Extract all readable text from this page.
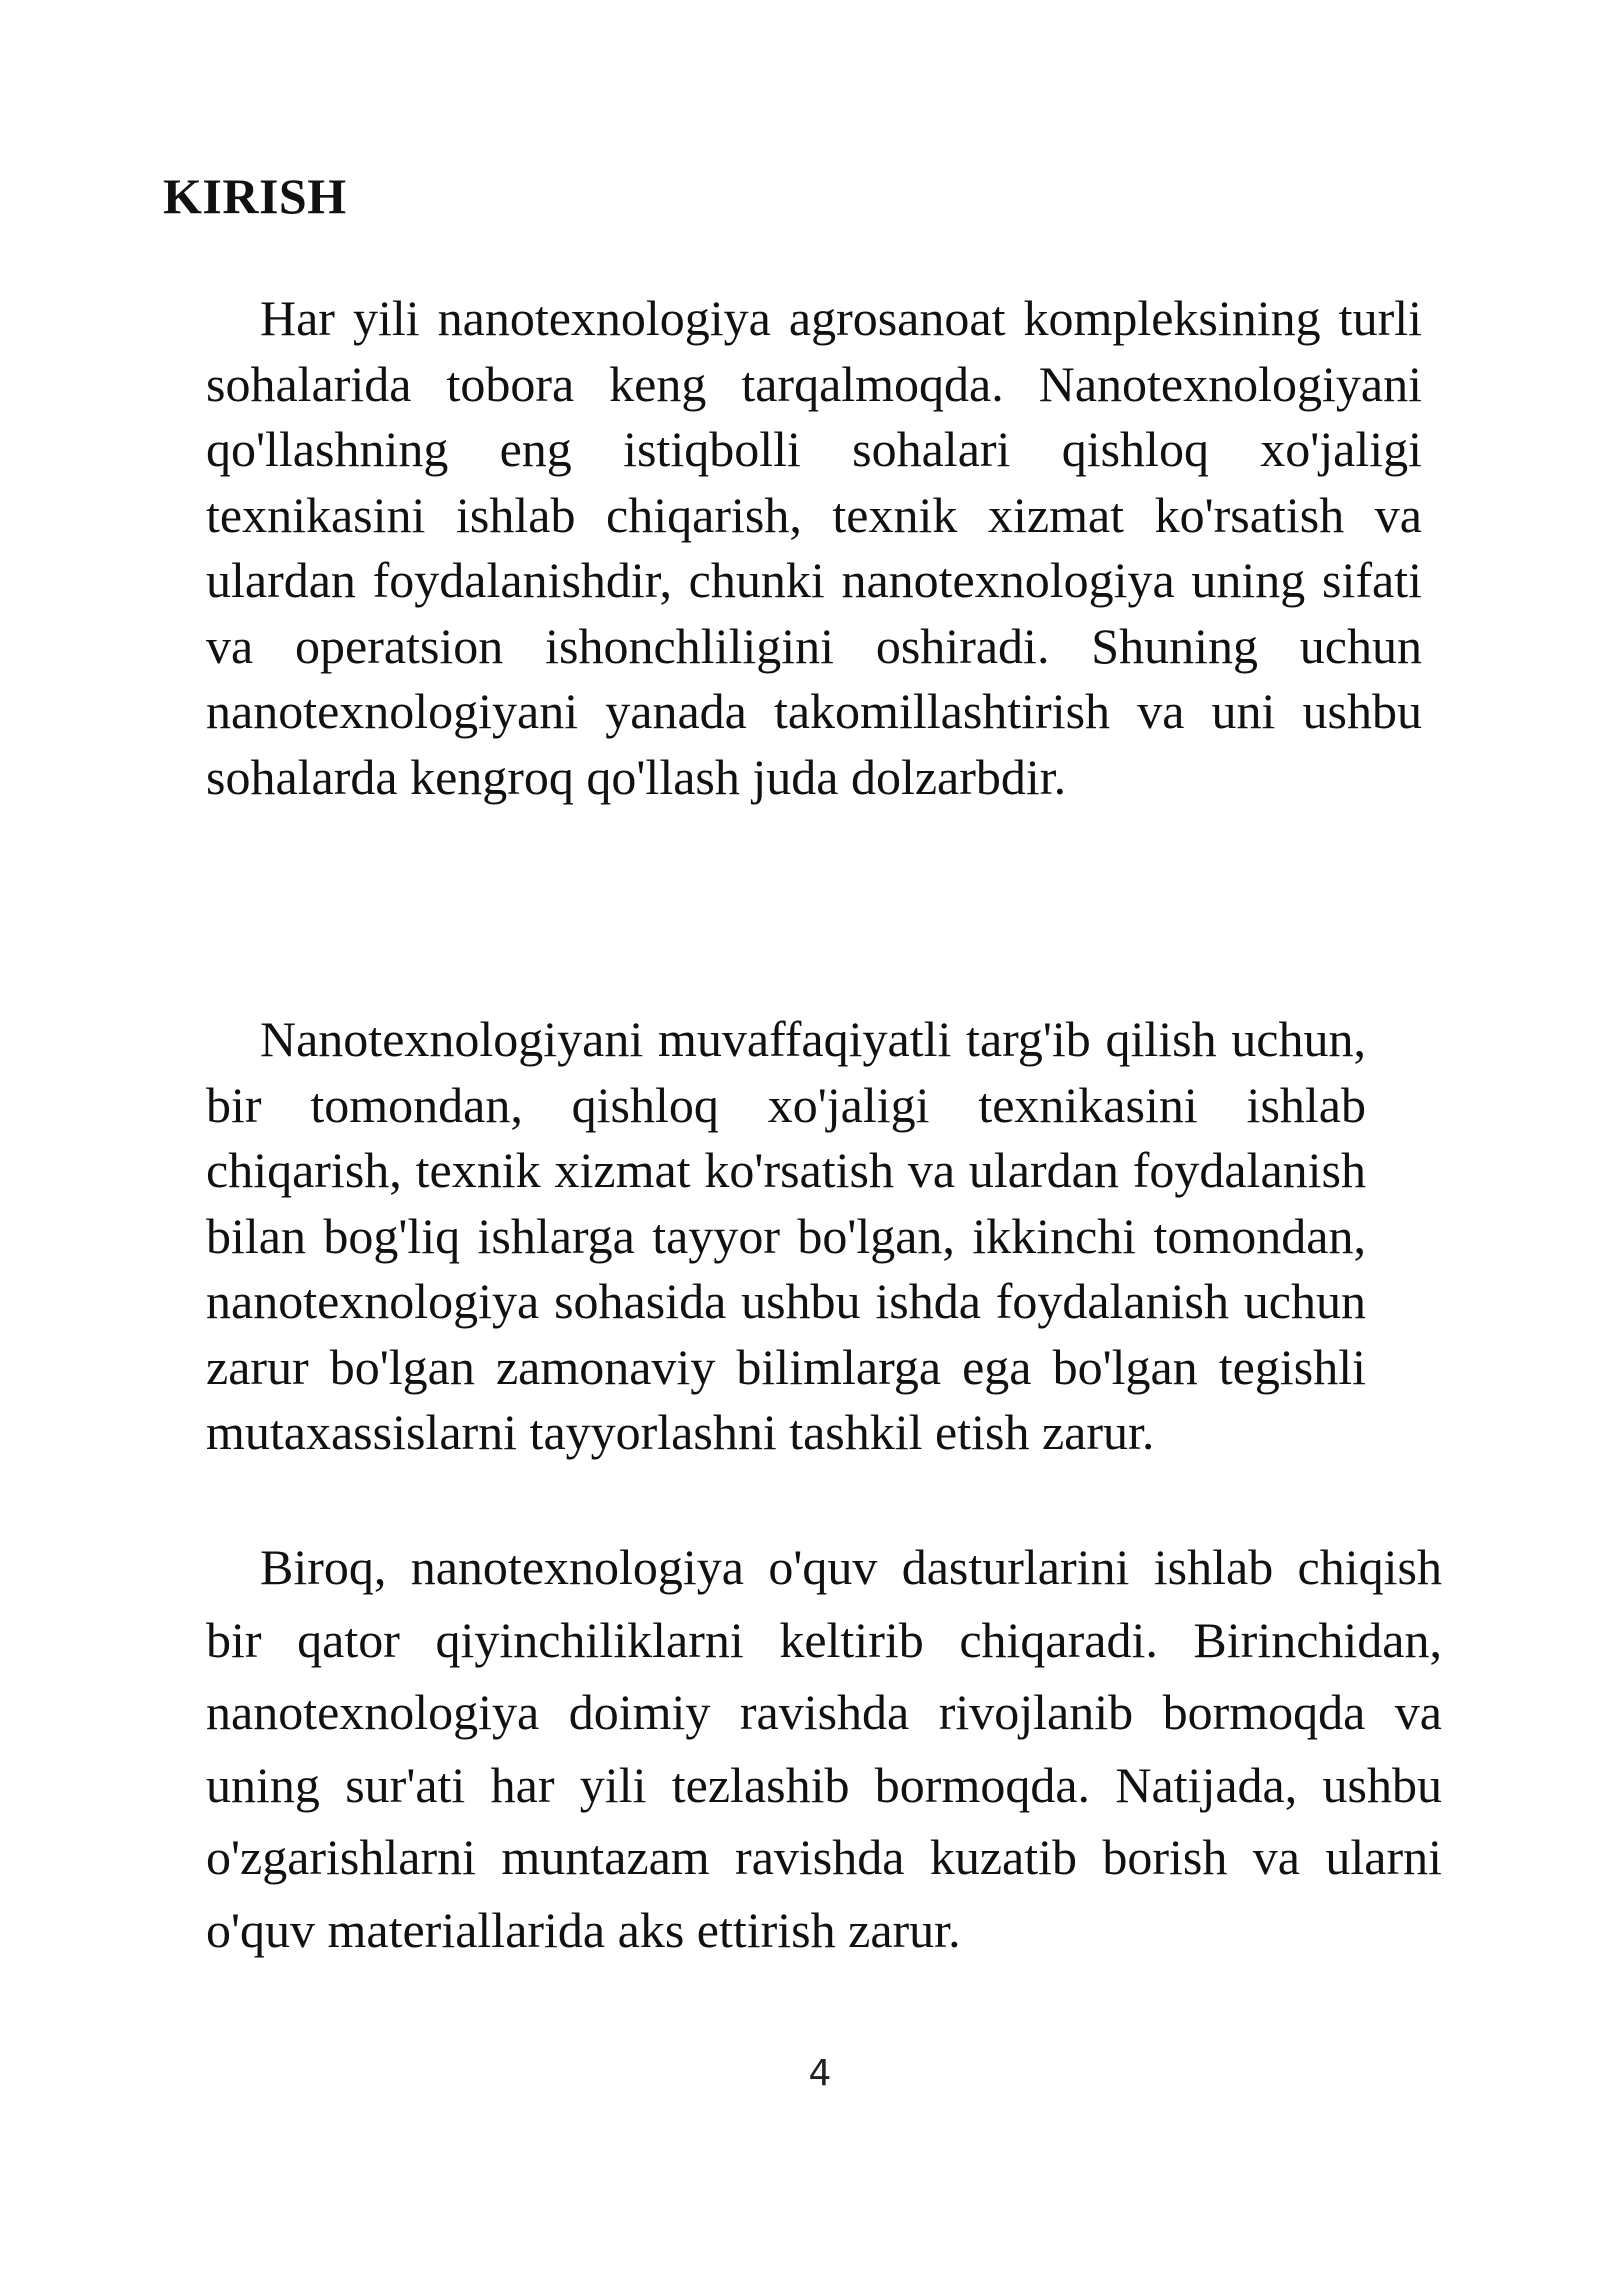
KIRISH

Har yili nanotexnologiya agrosanoat kompleksining turli sohalarida tobora keng tarqalmoqda. Nanotexnologiyani qo'llashning eng istiqbolli sohalari qishloq xo'jaligi texnikasini ishlab chiqarish, texnik xizmat ko'rsatish va ulardan foydalanishdir, chunki nanotexnologiya uning sifati va operatsion ishonchliligini oshiradi. Shuning uchun nanotexnologiyani yanada takomillashtirish va uni ushbu sohalarda kengroq qo'llash juda dolzarbdir.

Nanotexnologiyani muvaffaqiyatli targ'ib qilish uchun, bir tomondan, qishloq xo'jaligi texnikasini ishlab chiqarish, texnik xizmat ko'rsatish va ulardan foydalanish bilan bog'liq ishlarga tayyor bo'lgan, ikkinchi tomondan, nanotexnologiya sohasida ushbu ishda foydalanish uchun zarur bo'lgan zamonaviy bilimlarga ega bo'lgan tegishli mutaxassislarni tayyorlashni tashkil etish zarur.

Biroq, nanotexnologiya o'quv dasturlarini ishlab chiqish bir qator qiyinchiliklarni keltirib chiqaradi. Birinchidan, nanotexnologiya doimiy ravishda rivojlanib bormoqda va uning sur'ati har yili tezlashib bormoqda. Natijada, ushbu o'zgarishlarni muntazam ravishda kuzatib borish va ularni o'quv materiallarida aks ettirish zarur.

4
